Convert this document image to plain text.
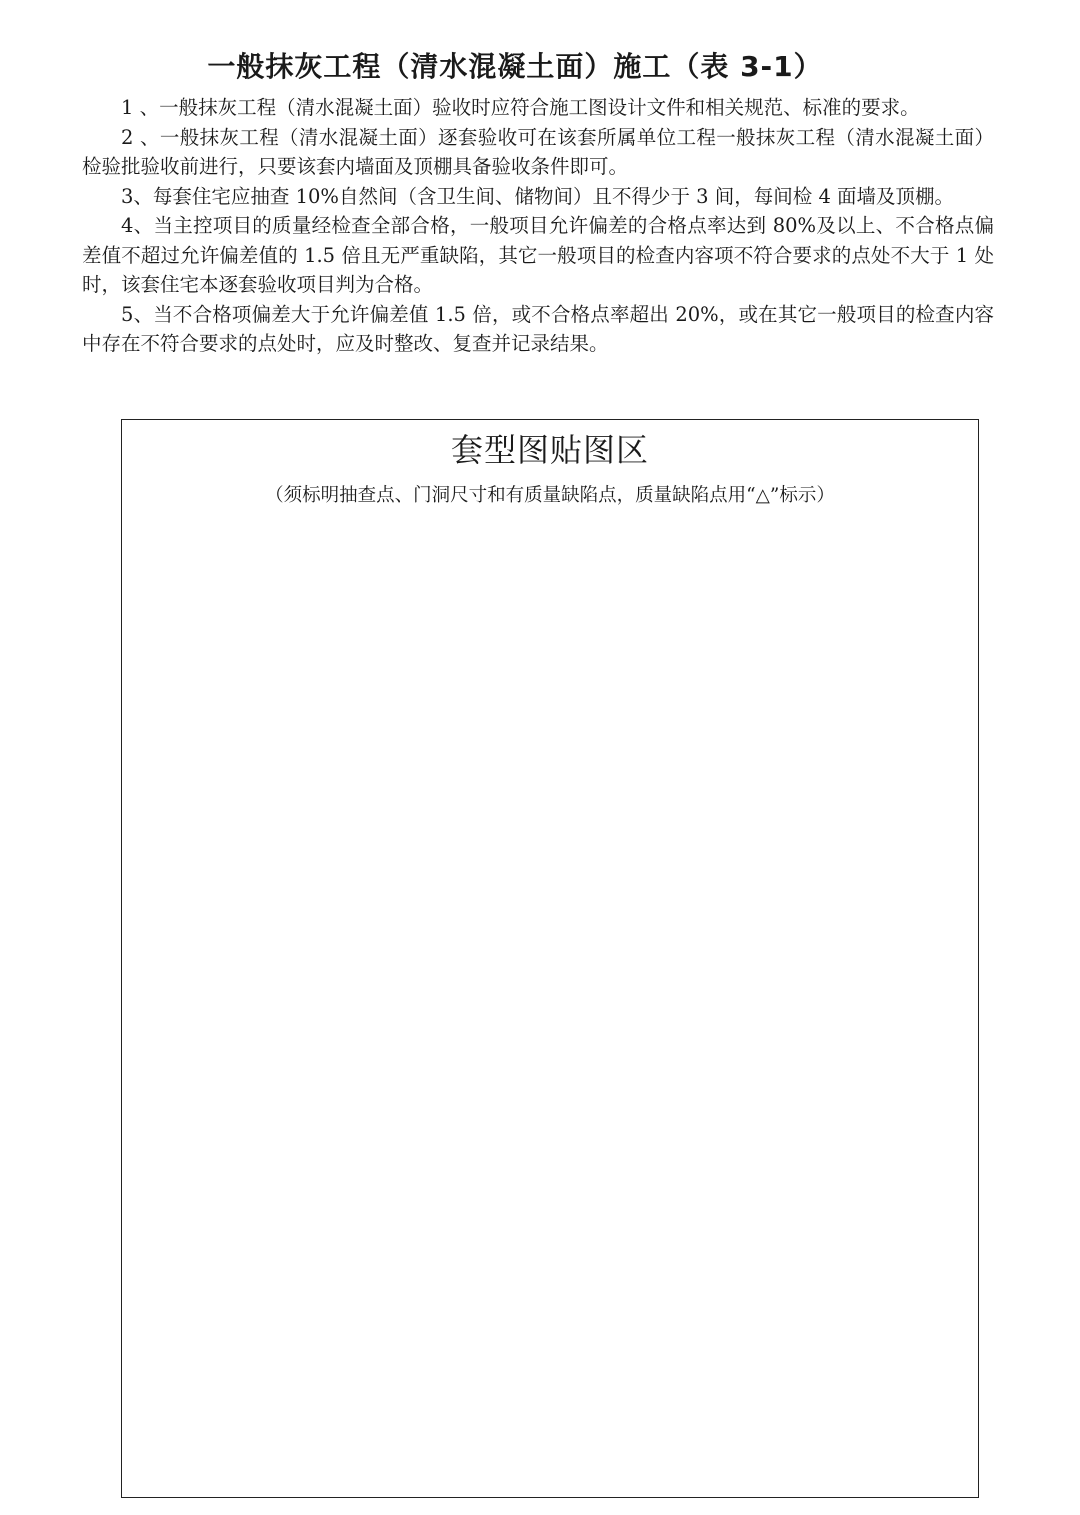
一般抹灰工程（清水混凝土面）施工（表 3-1）

1 、一般抹灰工程（清水混凝土面）验收时应符合施工图设计文件和相关规范、标准的要求。

2 、一般抹灰工程（清水混凝土面）逐套验收可在该套所属单位工程一般抹灰工程（清水混凝土面）检验批验收前进行，只要该套内墙面及顶棚具备验收条件即可。

3、每套住宅应抽查 10%自然间（含卫生间、储物间）且不得少于 3 间，每间检 4 面墙及顶棚。

4、当主控项目的质量经检查全部合格，一般项目允许偏差的合格点率达到 80%及以上、不合格点偏差值不超过允许偏差值的 1.5 倍且无严重缺陷，其它一般项目的检查内容项不符合要求的点处不大于 1 处时，该套住宅本逐套验收项目判为合格。

5、当不合格项偏差大于允许偏差值 1.5 倍，或不合格点率超出 20%，或在其它一般项目的检查内容中存在不符合要求的点处时，应及时整改、复查并记录结果。

套型图贴图区
（须标明抽查点、门洞尺寸和有质量缺陷点，质量缺陷点用“△”标示）
